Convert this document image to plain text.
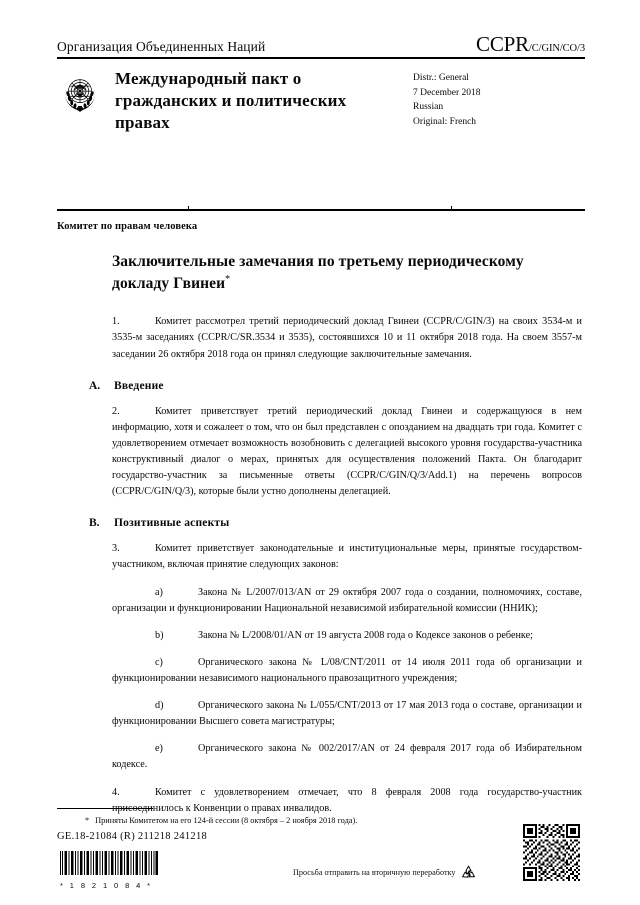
Организация Объединенных Наций	CCPR /C/GIN/CO/3
Международный пакт о гражданских и политических правах
Distr.: General
7 December 2018
Russian
Original: French
Комитет по правам человека
Заключительные замечания по третьему периодическому докладу Гвинеи*

1.	Комитет рассмотрел третий периодический доклад Гвинеи (CCPR/C/GIN/3) на своих 3534-м и 3535-м заседаниях (CCPR/C/SR.3534 и 3535), состоявшихся 10 и 11 октября 2018 года. На своем 3557-м заседании 26 октября 2018 года он принял следующие заключительные замечания.

A.	Введение

2.	Комитет приветствует третий периодический доклад Гвинеи и содержащуюся в нем информацию, хотя и сожалеет о том, что он был представлен с опозданием на двадцать три года. Комитет с удовлетворением отмечает возможность возобновить с делегацией высокого уровня государства-участника конструктивный диалог о мерах, принятых для осуществления положений Пакта. Он благодарит государство-участник за письменные ответы (CCPR/C/GIN/Q/3/Add.1) на перечень вопросов (CCPR/C/GIN/Q/3), которые были устно дополнены делегацией.

B.	Позитивные аспекты

3.	Комитет приветствует законодательные и институциональные меры, принятые государством-участником, включая принятие следующих законов:

a)	Закона № L/2007/013/AN от 29 октября 2007 года о создании, полномочиях, составе, организации и функционировании Национальной независимой избирательной комиссии (ННИК);

b)	Закона № L/2008/01/AN от 19 августа 2008 года о Кодексе законов о ребенке;

c)	Органического закона № L/08/CNT/2011 от 14 июля 2011 года об организации и функционировании независимого национального правозащитного учреждения;

d)	Органического закона № L/055/CNT/2013 от 17 мая 2013 года о составе, организации и функционировании Высшего совета магистратуры;

e)	Органического закона № 002/2017/AN от 24 февраля 2017 года об Избирательном кодексе.

4.	Комитет с удовлетворением отмечает, что 8 февраля 2008 года государство-участник присоединилось к Конвенции о правах инвалидов.

* Приняты Комитетом на его 124-й сессии (8 октября – 2 ноября 2018 года).
GE.18-21084 (R) 211218 241218
* 1 8 2 1 0 8 4 *
Просьба отправить на вторичную переработку
